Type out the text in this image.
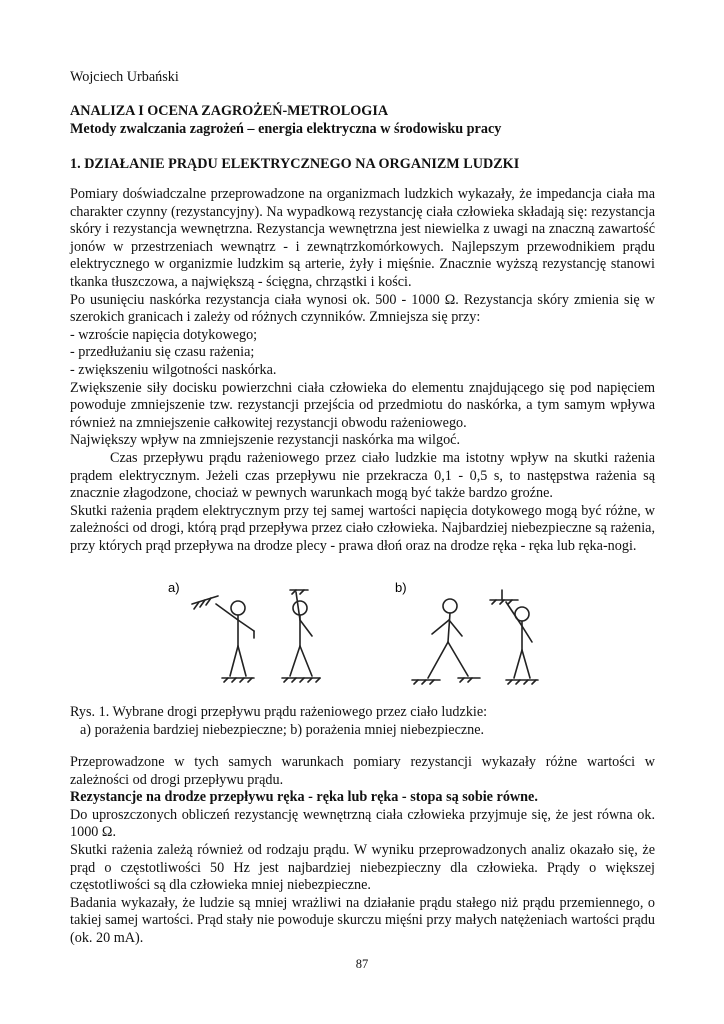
Wojciech Urbański
ANALIZA I OCENA ZAGROŻEŃ-METROLOGIA
Metody zwalczania zagrożeń – energia elektryczna w środowisku pracy
1. DZIAŁANIE PRĄDU ELEKTRYCZNEGO NA ORGANIZM LUDZKI

Pomiary doświadczalne przeprowadzone na organizmach ludzkich wykazały, że impedancja ciała ma charakter czynny (rezystancyjny). Na wypadkową rezystancję ciała człowieka składają się: rezystancja skóry i rezystancja wewnętrzna. Rezystancja wewnętrzna jest niewielka z uwagi na znaczną zawartość jonów w przestrzeniach wewnątrz - i zewnątrzkomórkowych. Najlepszym przewodnikiem prądu elektrycznego w organizmie ludzkim są arterie, żyły i mięśnie. Znacznie wyższą rezystancję stanowi tkanka tłuszczowa, a największą - ścięgna, chrząstki i kości.

Po usunięciu naskórka rezystancja ciała wynosi ok. 500 - 1000 Ω. Rezystancja skóry zmienia się w szerokich granicach i zależy od różnych czynników. Zmniejsza się przy:

- wzroście napięcia dotykowego;

- przedłużaniu się czasu rażenia;

- zwiększeniu wilgotności naskórka.

Zwiększenie siły docisku powierzchni ciała człowieka do elementu znajdującego się pod napięciem powoduje zmniejszenie tzw. rezystancji przejścia od przedmiotu do naskórka, a tym samym wpływa również na zmniejszenie całkowitej rezystancji obwodu rażeniowego.

Największy wpływ na zmniejszenie rezystancji naskórka ma wilgoć.

Czas przepływu prądu rażeniowego przez ciało ludzkie ma istotny wpływ na skutki rażenia prądem elektrycznym. Jeżeli czas przepływu nie przekracza 0,1 - 0,5 s, to następstwa rażenia są znacznie złagodzone, chociaż w pewnych warunkach mogą być także bardzo groźne.

Skutki rażenia prądem elektrycznym przy tej samej wartości napięcia dotykowego mogą być różne, w zależności od drogi, którą prąd przepływa przez ciało człowieka. Najbardziej niebezpieczne są rażenia, przy których prąd przepływa na drodze plecy - prawa dłoń oraz na drodze ręka - ręka lub ręka-nogi.

a)	b)
Rys. 1. Wybrane drogi przepływu prądu rażeniowego przez ciało ludzkie:
a) porażenia bardziej niebezpieczne; b) porażenia mniej niebezpieczne.

Przeprowadzone w tych samych warunkach pomiary rezystancji wykazały różne wartości w zależności od drogi przepływu prądu.

Rezystancje na drodze przepływu ręka - ręka lub ręka - stopa są sobie równe.

Do uproszczonych obliczeń rezystancję wewnętrzną ciała człowieka przyjmuje się, że jest równa ok. 1000 Ω.

Skutki rażenia zależą również od rodzaju prądu. W wyniku przeprowadzonych analiz okazało się, że prąd o częstotliwości 50 Hz jest najbardziej niebezpieczny dla człowieka. Prądy o większej częstotliwości są dla człowieka mniej niebezpieczne.

Badania wykazały, że ludzie są mniej wrażliwi na działanie prądu stałego niż prądu przemiennego, o takiej samej wartości. Prąd stały nie powoduje skurczu mięśni przy małych natężeniach wartości prądu (ok. 20 mA).

87
